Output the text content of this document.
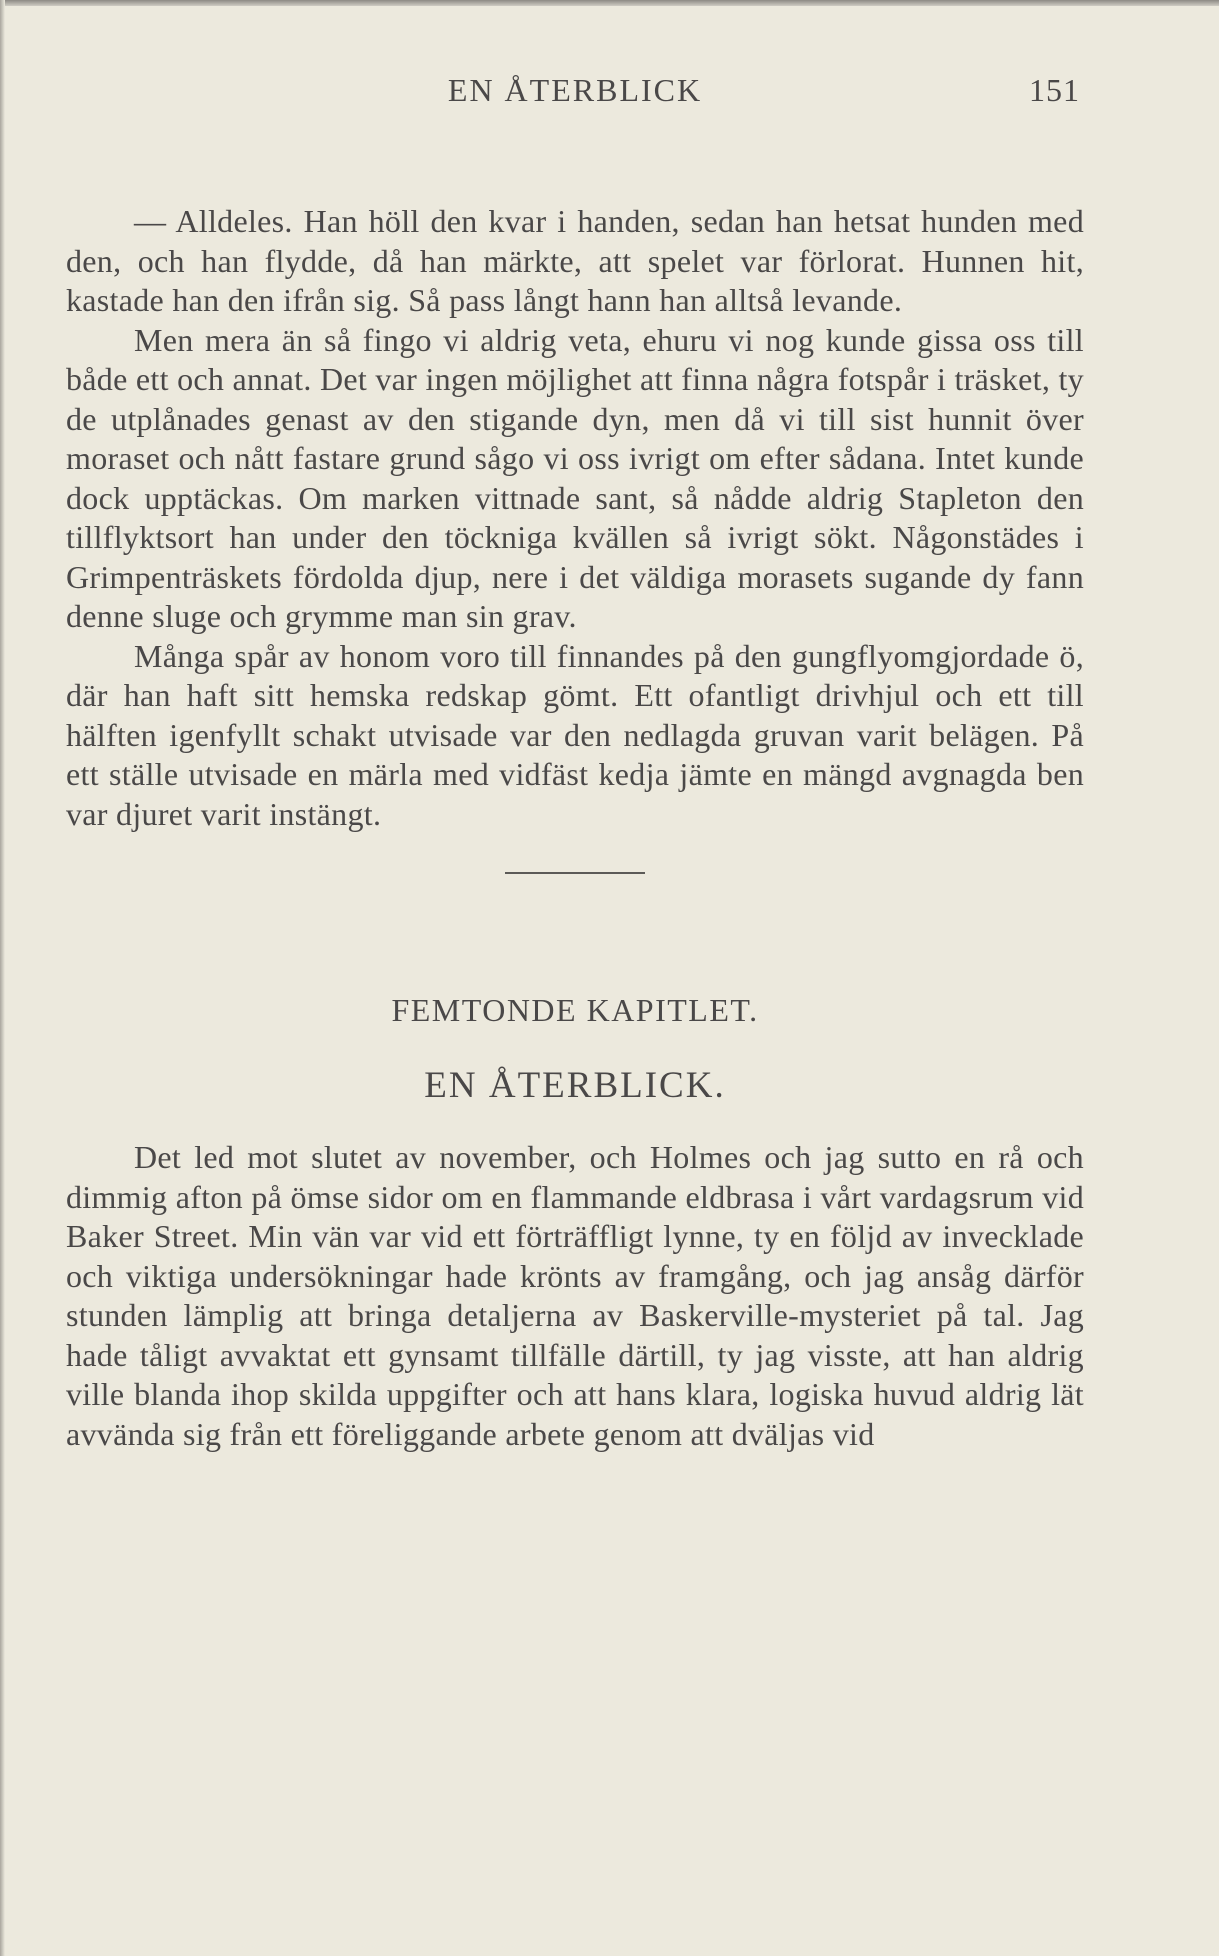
EN ÅTERBLICK	151

— Alldeles. Han höll den kvar i handen, sedan han hetsat hunden med den, och han flydde, då han märkte, att spelet var förlorat. Hunnen hit, kastade han den ifrån sig. Så pass långt hann han alltså levande.

Men mera än så fingo vi aldrig veta, ehuru vi nog kunde gissa oss till både ett och annat. Det var ingen möjlighet att finna några fotspår i träsket, ty de utplånades genast av den stigande dyn, men då vi till sist hunnit över moraset och nått fastare grund sågo vi oss ivrigt om efter sådana. Intet kunde dock upptäckas. Om marken vittnade sant, så nådde aldrig Stapleton den tillflyktsort han under den töckniga kvällen så ivrigt sökt. Någonstädes i Grimpenträskets fördolda djup, nere i det väldiga morasets sugande dy fann denne sluge och grymme man sin grav.

Många spår av honom voro till finnandes på den gungflyomgjordade ö, där han haft sitt hemska redskap gömt. Ett ofantligt drivhjul och ett till hälften igenfyllt schakt utvisade var den nedlagda gruvan varit belägen. På ett ställe utvisade en märla med vidfäst kedja jämte en mängd avgnagda ben var djuret varit instängt.

FEMTONDE KAPITLET.
EN ÅTERBLICK.

Det led mot slutet av november, och Holmes och jag sutto en rå och dimmig afton på ömse sidor om en flammande eldbrasa i vårt vardagsrum vid Baker Street. Min vän var vid ett förträffligt lynne, ty en följd av invecklade och viktiga undersökningar hade krönts av framgång, och jag ansåg därför stunden lämplig att bringa detaljerna av Baskerville-mysteriet på tal. Jag hade tåligt avvaktat ett gynsamt tillfälle därtill, ty jag visste, att han aldrig ville blanda ihop skilda uppgifter och att hans klara, logiska huvud aldrig lät avvända sig från ett föreliggande arbete genom att dväljas vid
